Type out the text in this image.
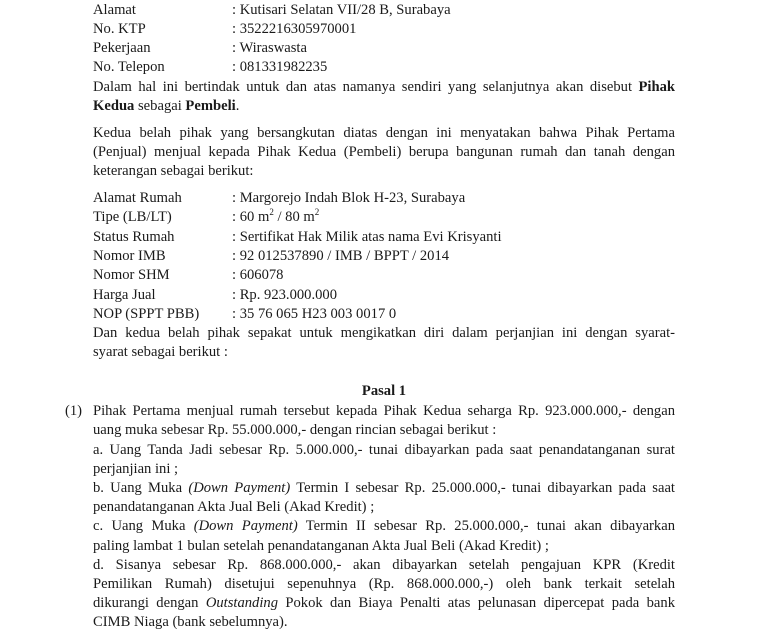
Alamat	: Kutisari Selatan VII/28 B, Surabaya
No. KTP	: 3522216305970001
Pekerjaan	: Wiraswasta
No. Telepon	: 081331982235
Dalam hal ini bertindak untuk dan atas namanya sendiri yang selanjutnya akan disebut Pihak
Kedua sebagai Pembeli.
Kedua belah pihak yang bersangkutan diatas dengan ini menyatakan bahwa Pihak Pertama
(Penjual) menjual kepada Pihak Kedua (Pembeli) berupa bangunan rumah dan tanah dengan
keterangan sebagai berikut:
Alamat Rumah	: Margorejo Indah Blok H-23, Surabaya
Tipe (LB/LT)	: 60 $m^2 / 80$ $m^2$
Status Rumah	: Sertifikat Hak Milik atas nama Evi Krisyanti
Nomor IMB	: 92 012537890 / IMB / BPPT / 2014
Nomor SHM	: 606078
Harga Jual	: Rp. 923.000.000
NOP (SPPT PBB) : 35 76 065 H23 003 0017 0
Dan kedua belah pihak sepakat untuk mengikatkan diri dalam perjanjian ini dengan syarat-
syarat sebagai berikut :
Pasal 1
(1) Pihak Pertama menjual rumah tersebut kepada Pihak Kedua seharga Rp. 923.000.000,- dengan
uang muka sebesar Rp. 55.000.000,- dengan rincian sebagai berikut :
a. Uang Tanda Jadi sebesar Rp. 5.000.000,- tunai dibayarkan pada saat penandatanganan surat
perjanjian ini ;
b. Uang Muka (Down Payment) Termin I sebesar Rp. 25.000.000,- tunai dibayarkan pada saat
penandatanganan Akta Jual Beli (Akad Kredit) ;
c. Uang Muka (Down Payment) Termin II sebesar Rp. 25.000.000,- tunai akan dibayarkan
paling lambat 1 bulan setelah penandatanganan Akta Jual Beli (Akad Kredit) ;
d. Sisanya sebesar Rp. 868.000.000,- akan dibayarkan setelah pengajuan KPR (Kredit
Pemilikan Rumah) disetujui sepenuhnya (Rp. 868.000.000,-) oleh bank terkait setelah
dikurangi dengan Outstanding Pokok dan Biaya Penalti atas pelunasan dipercepat pada bank
CIMB Niaga (bank sebelumnya).
